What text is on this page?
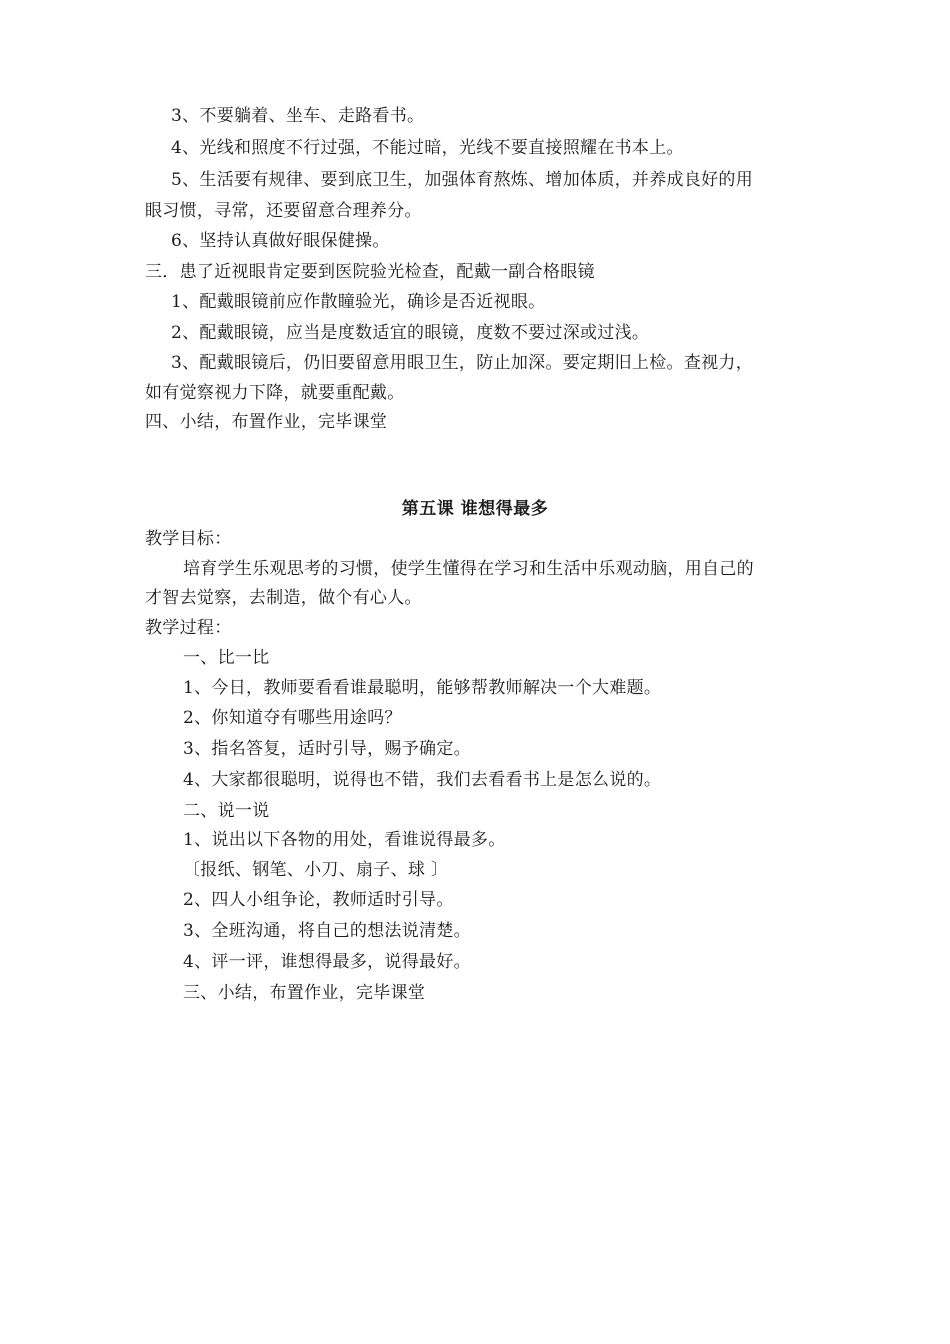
3、不要躺着、坐车、走路看书。
4、光线和照度不行过强，不能过暗，光线不要直接照耀在书本上。
5、生活要有规律、要到底卫生，加强体育熬炼、增加体质，并养成良好的用
眼习惯，寻常，还要留意合理养分。
6、坚持认真做好眼保健操。
三．患了近视眼肯定要到医院验光检查，配戴一副合格眼镜
1、配戴眼镜前应作散瞳验光，确诊是否近视眼。
2、配戴眼镜，应当是度数适宜的眼镜，度数不要过深或过浅。
3、配戴眼镜后，仍旧要留意用眼卫生，防止加深。要定期旧上检。查视力，
如有觉察视力下降，就要重配戴。
四、小结，布置作业，完毕课堂
第五课 谁想得最多
教学目标：
培育学生乐观思考的习惯，使学生懂得在学习和生活中乐观动脑，用自己的
才智去觉察，去制造，做个有心人。
教学过程：
一、比一比
1、今日，教师要看看谁最聪明，能够帮教师解决一个大难题。
2、你知道夺有哪些用途吗？
3、指名答复，适时引导，赐予确定。
4、大家都很聪明，说得也不错，我们去看看书上是怎么说的。
二、说一说
1、说出以下各物的用处，看谁说得最多。
〔报纸、钢笔、小刀、扇子、球 〕
2、四人小组争论，教师适时引导。
3、全班沟通，将自己的想法说清楚。
4、评一评，谁想得最多，说得最好。
三、小结，布置作业，完毕课堂
